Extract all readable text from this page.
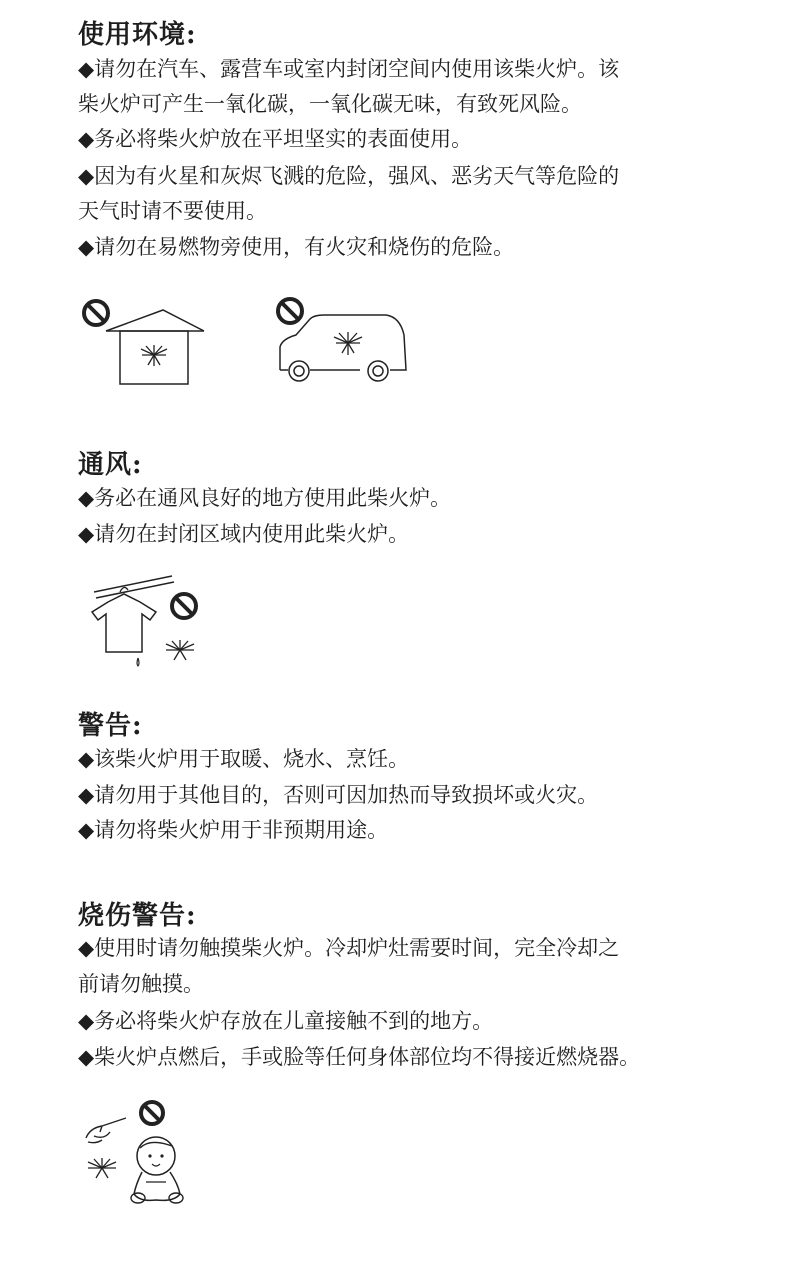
使用环境:
◆请勿在汽车、露营车或室内封闭空间内使用该柴火炉。该
柴火炉可产生一氧化碳，一氧化碳无味，有致死风险。
◆务必将柴火炉放在平坦坚实的表面使用。
◆因为有火星和灰烬飞溅的危险，强风、恶劣天气等危险的
天气时请不要使用。
◆请勿在易燃物旁使用，有火灾和烧伤的危险。
通风:
◆务必在通风良好的地方使用此柴火炉。
◆请勿在封闭区域内使用此柴火炉。
警告:
◆该柴火炉用于取暖、烧水、烹饪。
◆请勿用于其他目的，否则可因加热而导致损坏或火灾。
◆请勿将柴火炉用于非预期用途。
烧伤警告:
◆使用时请勿触摸柴火炉。冷却炉灶需要时间，完全冷却之
前请勿触摸。
◆务必将柴火炉存放在儿童接触不到的地方。
◆柴火炉点燃后，手或脸等任何身体部位均不得接近燃烧器。
